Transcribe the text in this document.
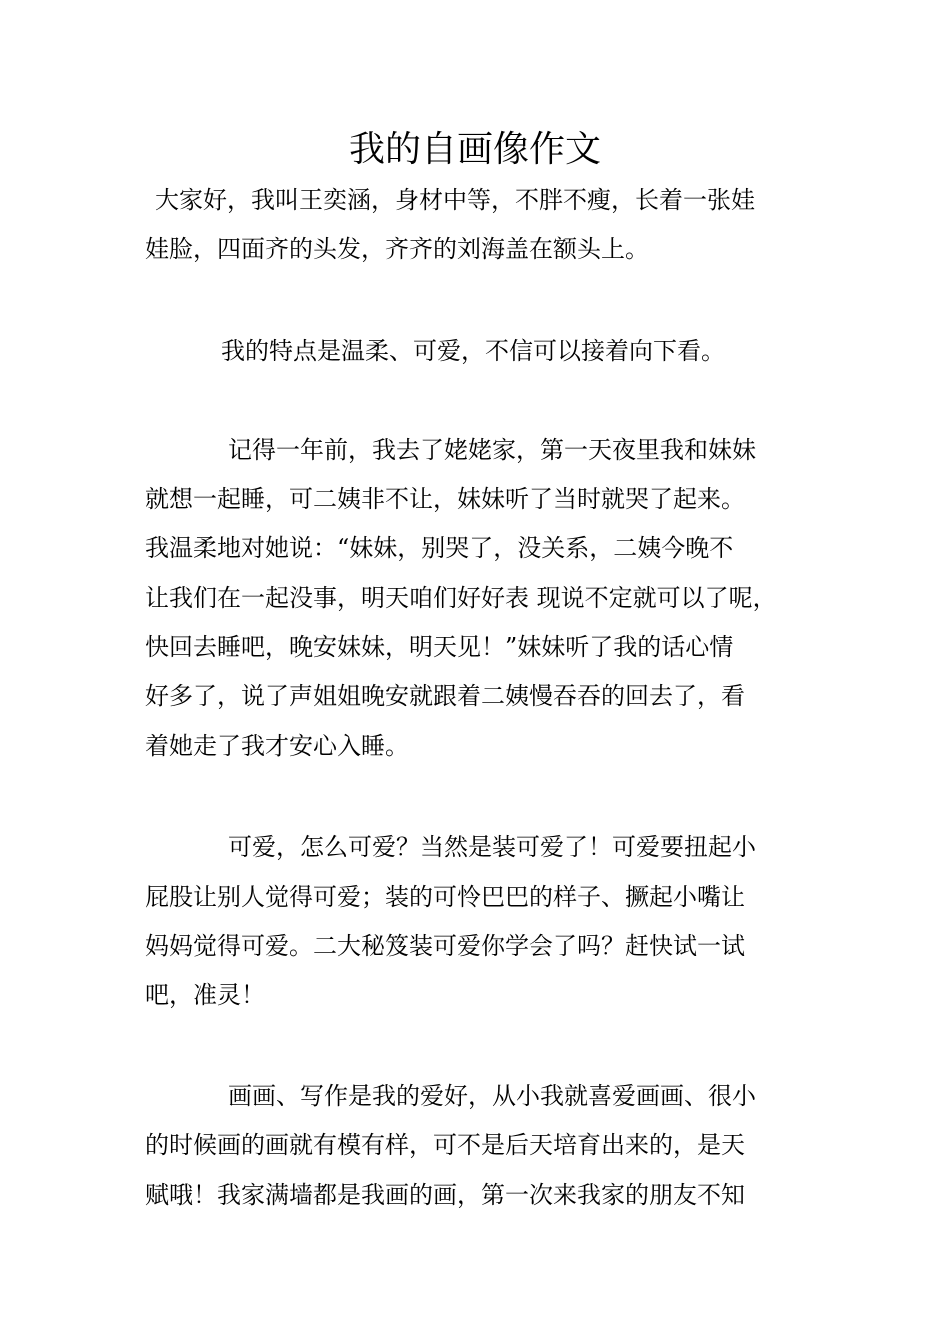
我的自画像作文

大家好，我叫王奕涵，身材中等，不胖不瘦，长着一张娃

娃脸，四面齐的头发，齐齐的刘海盖在额头上。

我的特点是温柔、可爱，不信可以接着向下看。

记得一年前，我去了姥姥家，第一天夜里我和妹妹

就想一起睡，可二姨非不让，妹妹听了当时就哭了起来。

我温柔地对她说：“妹妹，别哭了，没关系，二姨今晚不

让我们在一起没事，明天咱们好好表 现说不定就可以了呢，

快回去睡吧，晚安妹妹，明天见！”妹妹听了我的话心情

好多了，说了声姐姐晚安就跟着二姨慢吞吞的回去了，看

着她走了我才安心入睡。

可爱，怎么可爱？当然是装可爱了！可爱要扭起小

屁股让别人觉得可爱；装的可怜巴巴的样子、撅起小嘴让

妈妈觉得可爱。二大秘笈装可爱你学会了吗？赶快试一试

吧，准灵！

画画、写作是我的爱好，从小我就喜爱画画、很小

的时候画的画就有模有样，可不是后天培育出来的，是天

赋哦！我家满墙都是我画的画，第一次来我家的朋友不知
